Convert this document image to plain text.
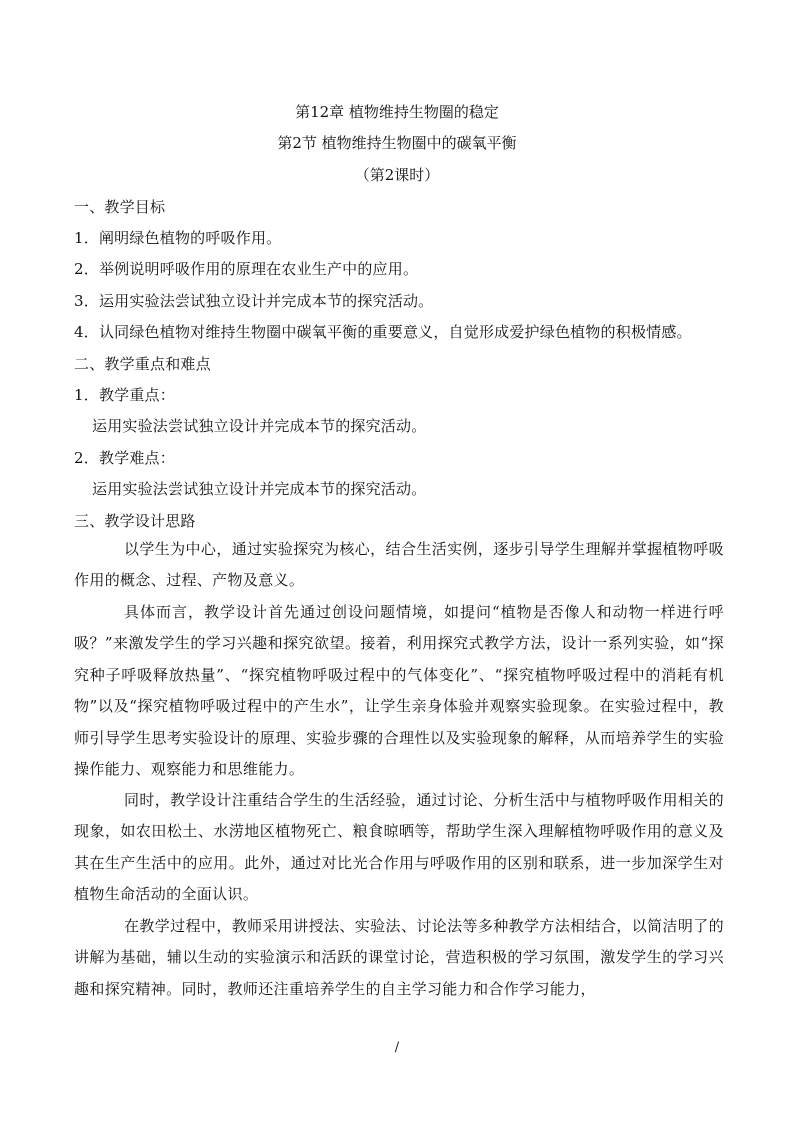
第12章 植物维持生物圈的稳定
第2节 植物维持生物圈中的碳氧平衡
（第2课时）
一、教学目标
1．阐明绿色植物的呼吸作用。
2．举例说明呼吸作用的原理在农业生产中的应用。
3．运用实验法尝试独立设计并完成本节的探究活动。
4．认同绿色植物对维持生物圈中碳氧平衡的重要意义，自觉形成爱护绿色植物的积极情感。
二、教学重点和难点
1．教学重点：
运用实验法尝试独立设计并完成本节的探究活动。
2．教学难点：
运用实验法尝试独立设计并完成本节的探究活动。
三、教学设计思路
以学生为中心，通过实验探究为核心，结合生活实例，逐步引导学生理解并掌握植物呼吸作用的概念、过程、产物及意义。
具体而言，教学设计首先通过创设问题情境，如提问“植物是否像人和动物一样进行呼吸？”来激发学生的学习兴趣和探究欲望。接着，利用探究式教学方法，设计一系列实验，如“探究种子呼吸释放热量”、“探究植物呼吸过程中的气体变化”、“探究植物呼吸过程中的消耗有机物”以及“探究植物呼吸过程中的产生水”，让学生亲身体验并观察实验现象。在实验过程中，教师引导学生思考实验设计的原理、实验步骤的合理性以及实验现象的解释，从而培养学生的实验操作能力、观察能力和思维能力。
同时，教学设计注重结合学生的生活经验，通过讨论、分析生活中与植物呼吸作用相关的现象，如农田松土、水涝地区植物死亡、粮食晾晒等，帮助学生深入理解植物呼吸作用的意义及其在生产生活中的应用。此外，通过对比光合作用与呼吸作用的区别和联系，进一步加深学生对植物生命活动的全面认识。
在教学过程中，教师采用讲授法、实验法、讨论法等多种教学方法相结合，以简洁明了的讲解为基础，辅以生动的实验演示和活跃的课堂讨论，营造积极的学习氛围，激发学生的学习兴趣和探究精神。同时，教师还注重培养学生的自主学习能力和合作学习能力，
/
